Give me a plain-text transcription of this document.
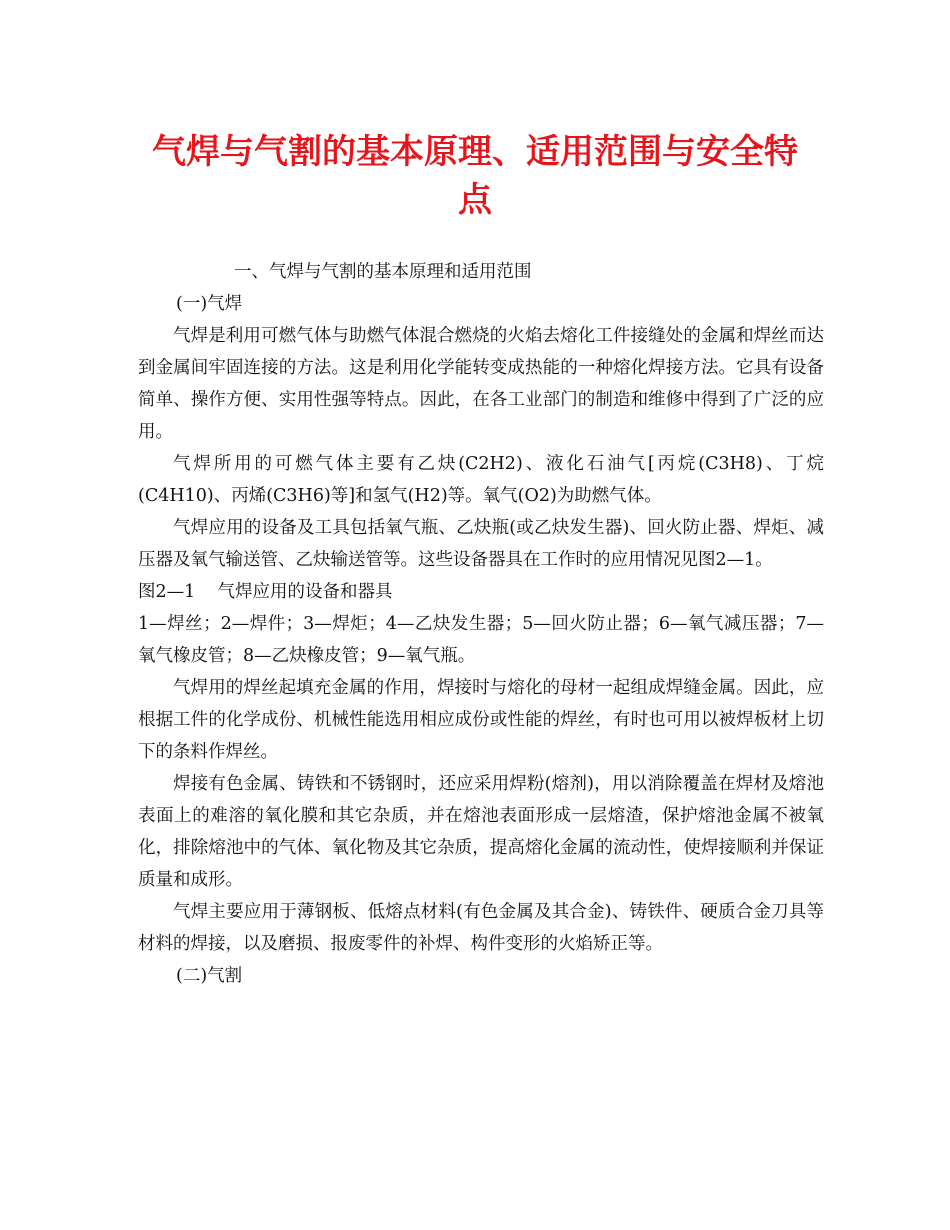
气焊与气割的基本原理、适用范围与安全特
点

一、气焊与气割的基本原理和适用范围

(一)气焊

气焊是利用可燃气体与助燃气体混合燃烧的火焰去熔化工件接缝处的金属和焊丝而达到金属间牢固连接的方法。这是利用化学能转变成热能的一种熔化焊接方法。它具有设备简单、操作方便、实用性强等特点。因此，在各工业部门的制造和维修中得到了广泛的应用。

气焊所用的可燃气体主要有乙炔(C2H2)、液化石油气[丙烷(C3H8)、丁烷(C4H10)、丙烯(C3H6)等]和氢气(H2)等。氧气(O2)为助燃气体。

气焊应用的设备及工具包括氧气瓶、乙炔瓶(或乙炔发生器)、回火防止器、焊炬、减压器及氧气输送管、乙炔输送管等。这些设备器具在工作时的应用情况见图2—1。

图2—1    气焊应用的设备和器具

1—焊丝；2—焊件；3—焊炬；4—乙炔发生器；5—回火防止器；6—氧气减压器；7—氧气橡皮管；8—乙炔橡皮管；9—氧气瓶。

气焊用的焊丝起填充金属的作用，焊接时与熔化的母材一起组成焊缝金属。因此，应根据工件的化学成份、机械性能选用相应成份或性能的焊丝，有时也可用以被焊板材上切下的条料作焊丝。

焊接有色金属、铸铁和不锈钢时，还应采用焊粉(熔剂)，用以消除覆盖在焊材及熔池表面上的难溶的氧化膜和其它杂质，并在熔池表面形成一层熔渣，保护熔池金属不被氧化，排除熔池中的气体、氧化物及其它杂质，提高熔化金属的流动性，使焊接顺利并保证质量和成形。

气焊主要应用于薄钢板、低熔点材料(有色金属及其合金)、铸铁件、硬质合金刀具等材料的焊接，以及磨损、报废零件的补焊、构件变形的火焰矫正等。

(二)气割
